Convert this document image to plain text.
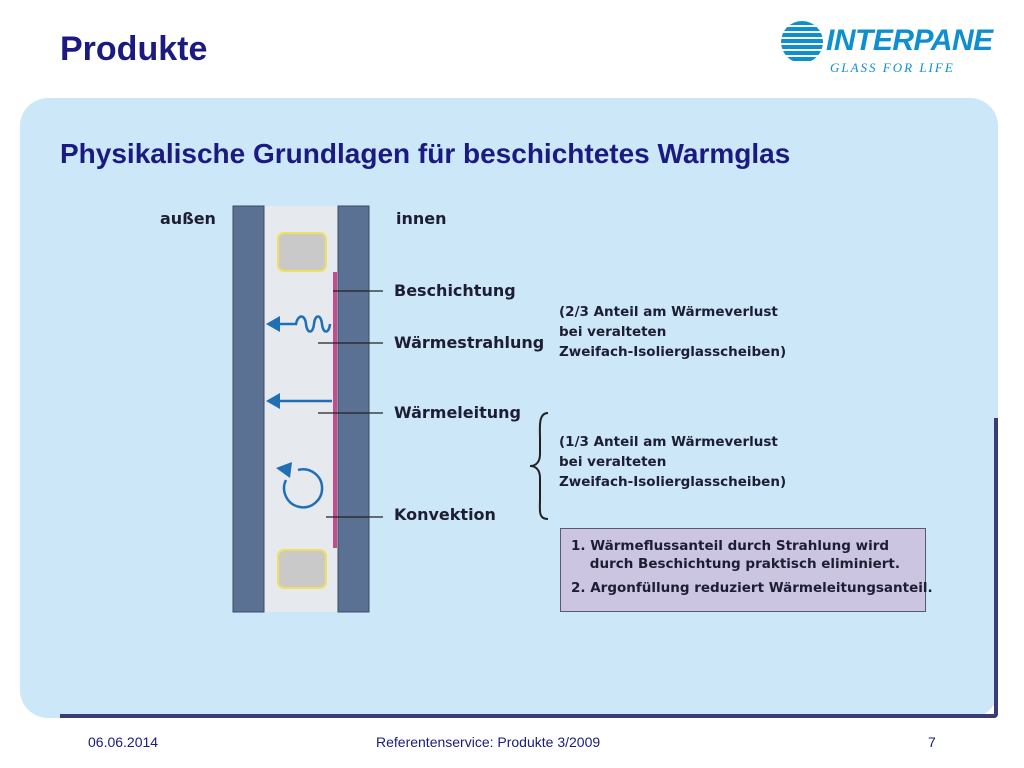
Produkte	INTERPANE
GLASS FOR LIFE
Physikalische Grundlagen für beschichtetes Warmglas
außen	innen
Beschichtung
Wärmestrahlung
Wärmeleitung
Konvektion
(2/3 Anteil am Wärmeverlust
bei veralteten
Zweifach-Isolierglasscheiben)
(1/3 Anteil am Wärmeverlust
bei veralteten
Zweifach-Isolierglasscheiben)
1. Wärmeflussanteil durch Strahlung wird
durch Beschichtung praktisch eliminiert.
2. Argonfüllung reduziert Wärmeleitungsanteil.
06.06.2014	Referentenservice: Produkte 3/2009	7
